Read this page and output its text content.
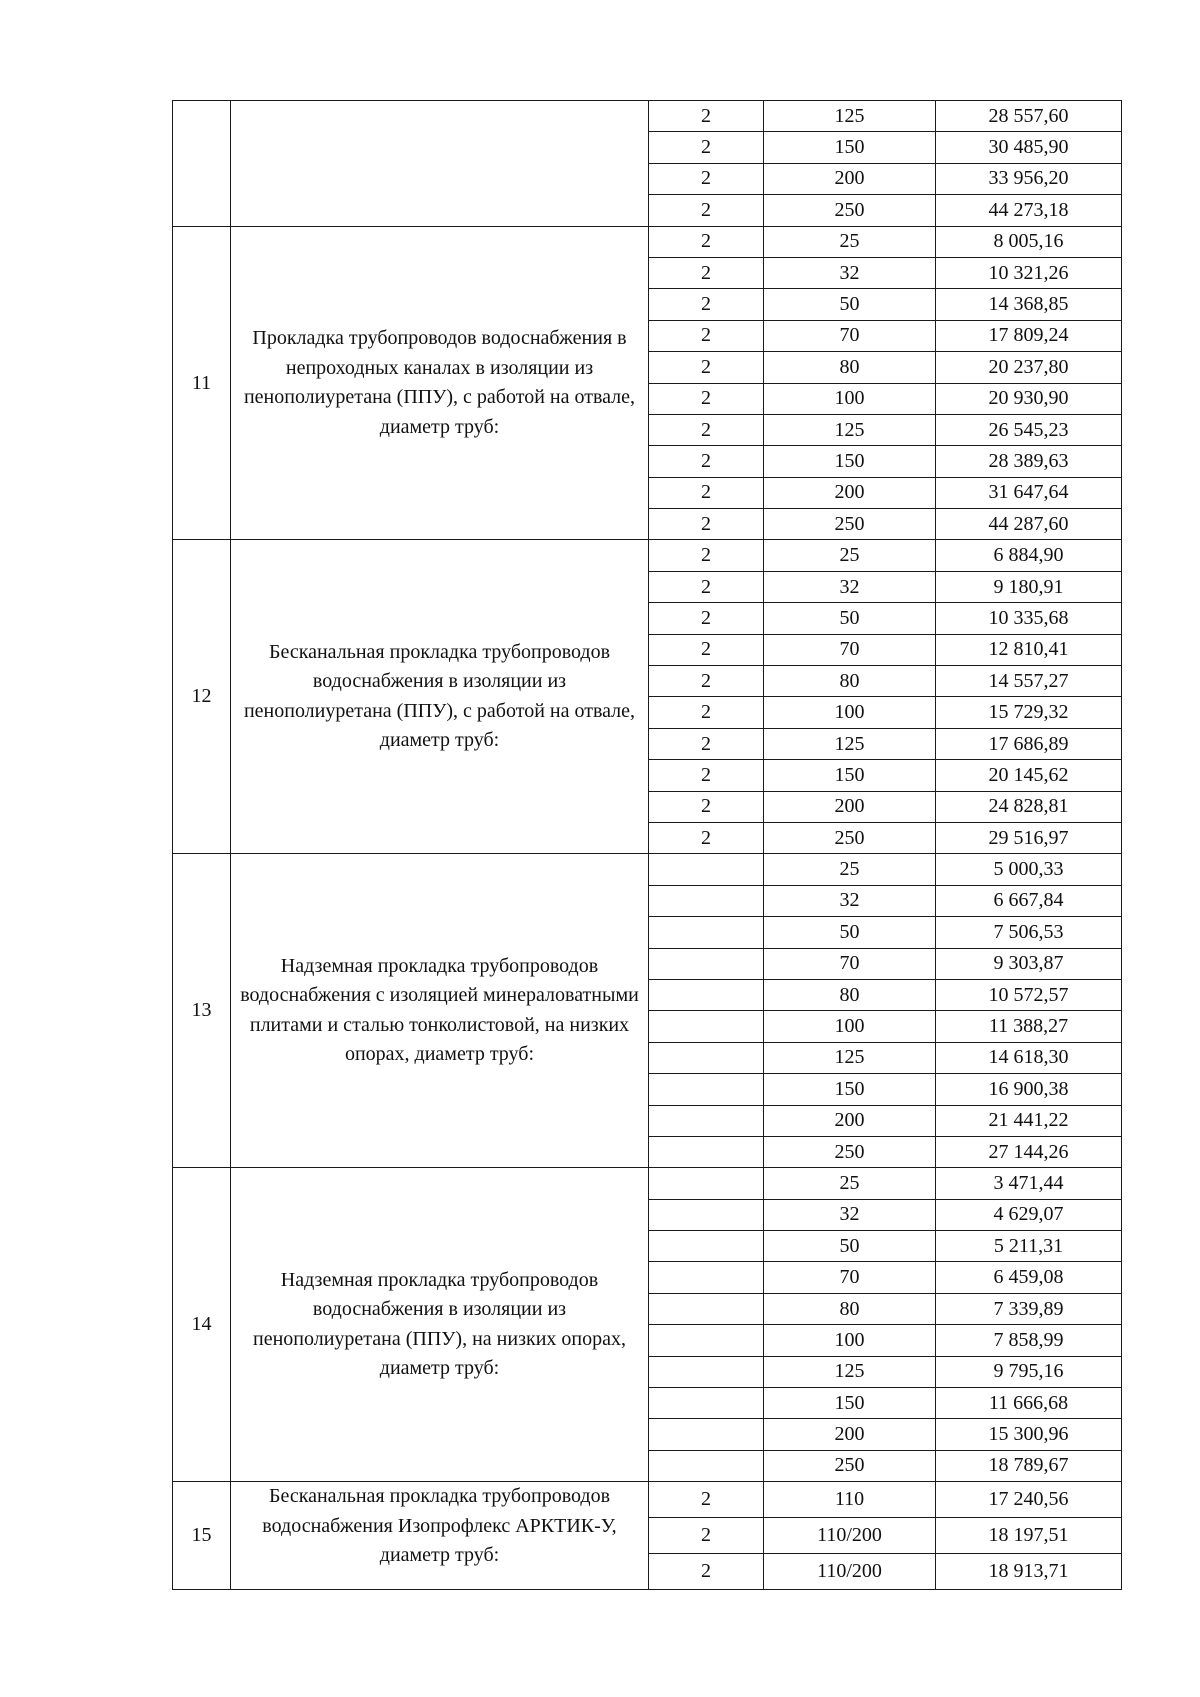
		2	125	28 557,60
		2	150	30 485,90
		2	200	33 956,20
		2	250	44 273,18
11	Прокладка трубопроводов водоснабжения в непроходных каналах в изоляции из пенополиуретана (ППУ), с работой на отвале, диаметр труб:	2	25	8 005,16
		2	32	10 321,26
		2	50	14 368,85
		2	70	17 809,24
		2	80	20 237,80
		2	100	20 930,90
		2	125	26 545,23
		2	150	28 389,63
		2	200	31 647,64
		2	250	44 287,60
12	Бесканальная прокладка трубопроводов водоснабжения в изоляции из пенополиуретана (ППУ), с работой на отвале, диаметр труб:	2	25	6 884,90
		2	32	9 180,91
		2	50	10 335,68
		2	70	12 810,41
		2	80	14 557,27
		2	100	15 729,32
		2	125	17 686,89
		2	150	20 145,62
		2	200	24 828,81
		2	250	29 516,97
13	Надземная прокладка трубопроводов водоснабжения с изоляцией минераловатными плитами и сталью тонколистовой, на низких опорах, диаметр труб:		25	5 000,33
			32	6 667,84
			50	7 506,53
			70	9 303,87
			80	10 572,57
			100	11 388,27
			125	14 618,30
			150	16 900,38
			200	21 441,22
			250	27 144,26
14	Надземная прокладка трубопроводов водоснабжения в изоляции из пенополиуретана (ППУ), на низких опорах, диаметр труб:		25	3 471,44
			32	4 629,07
			50	5 211,31
			70	6 459,08
			80	7 339,89
			100	7 858,99
			125	9 795,16
			150	11 666,68
			200	15 300,96
			250	18 789,67
15	Бесканальная прокладка трубопроводов водоснабжения Изопрофлекс АРКТИК-У, диаметр труб:	2	110	17 240,56
		2	110/200	18 197,51
		2	110/200	18 913,71
